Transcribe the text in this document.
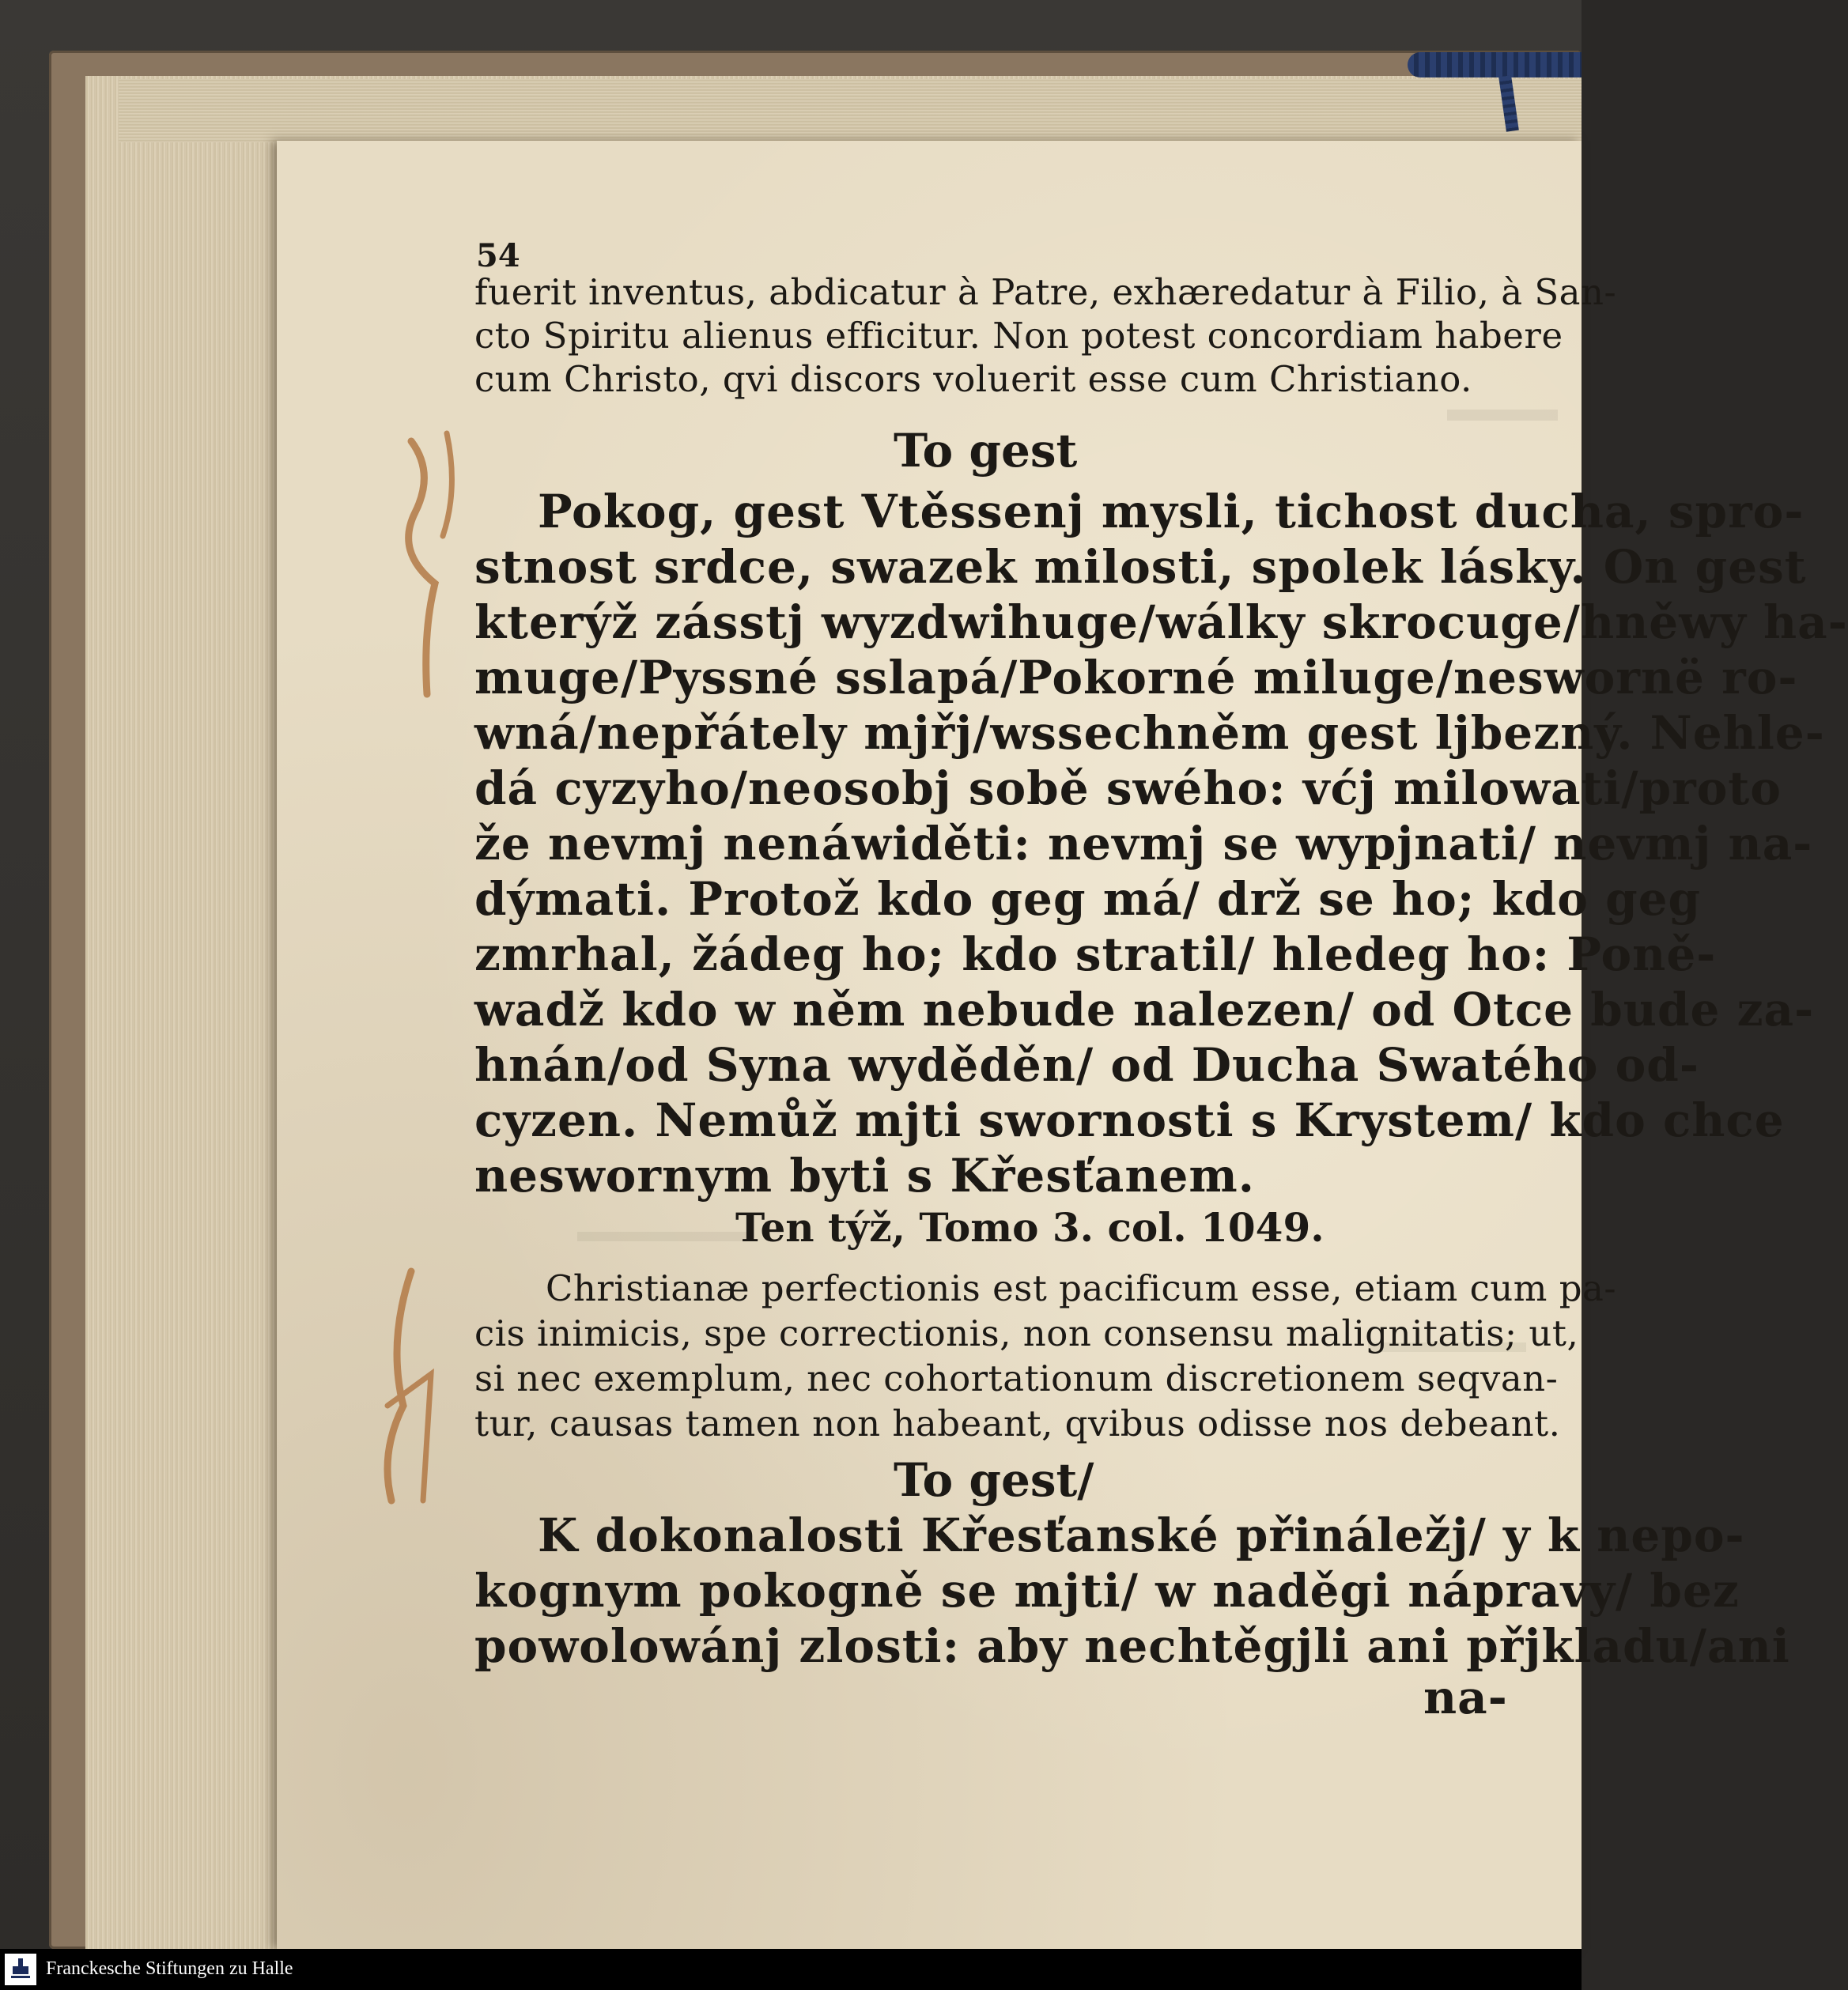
54
fuerit inventus, abdicatur à Patre, exhæredatur à Filio, à San-
cto Spiritu alienus efficitur. Non potest concordiam habere
cum Christo, qvi discors voluerit esse cum Christiano.
To gest
Pokog, gest Vtěssenj mysli, tichost ducha, spro-
stnost srdce, swazek milosti, spolek lásky. On gest
kterýž zásstj wyzdwihuge/wálky skrocuge/hněwy ha-
muge/Pyssné sslapá/Pokorné miluge/neswornë ro-
wná/nepřátely mjřj/wssechněm gest ljbezný. Nehle-
dá cyzyho/neosobj sobě swého: vćj milowati/proto
že nevmj nenáwiděti: nevmj se wypjnati/ nevmj na-
dýmati. Protož kdo geg má/ drž se ho; kdo geg
zmrhal, žádeg ho; kdo stratil/ hledeg ho: Poně-
wadž kdo w něm nebude nalezen/ od Otce bude za-
hnán/od Syna wyděděn/ od Ducha Swatého od-
cyzen. Nemůž mjti swornosti s Krystem/ kdo chce
neswornym byti s Křesťanem.
Ten týž, Tomo 3. col. 1049.
Christianæ perfectionis est pacificum esse, etiam cum pa-
cis inimicis, spe correctionis, non consensu malignitatis; ut,
si nec exemplum, nec cohortationum discretionem seqvan-
tur, causas tamen non habeant, qvibus odisse nos debeant.
To gest/
K dokonalosti Křesťanské přináležj/ y k nepo-
kognym pokogně se mjti/ w naděgi nápravy/ bez
powolowánj zlosti: aby nechtěgjli ani přjkladu/ani
na-
Franckesche Stiftungen zu Halle
